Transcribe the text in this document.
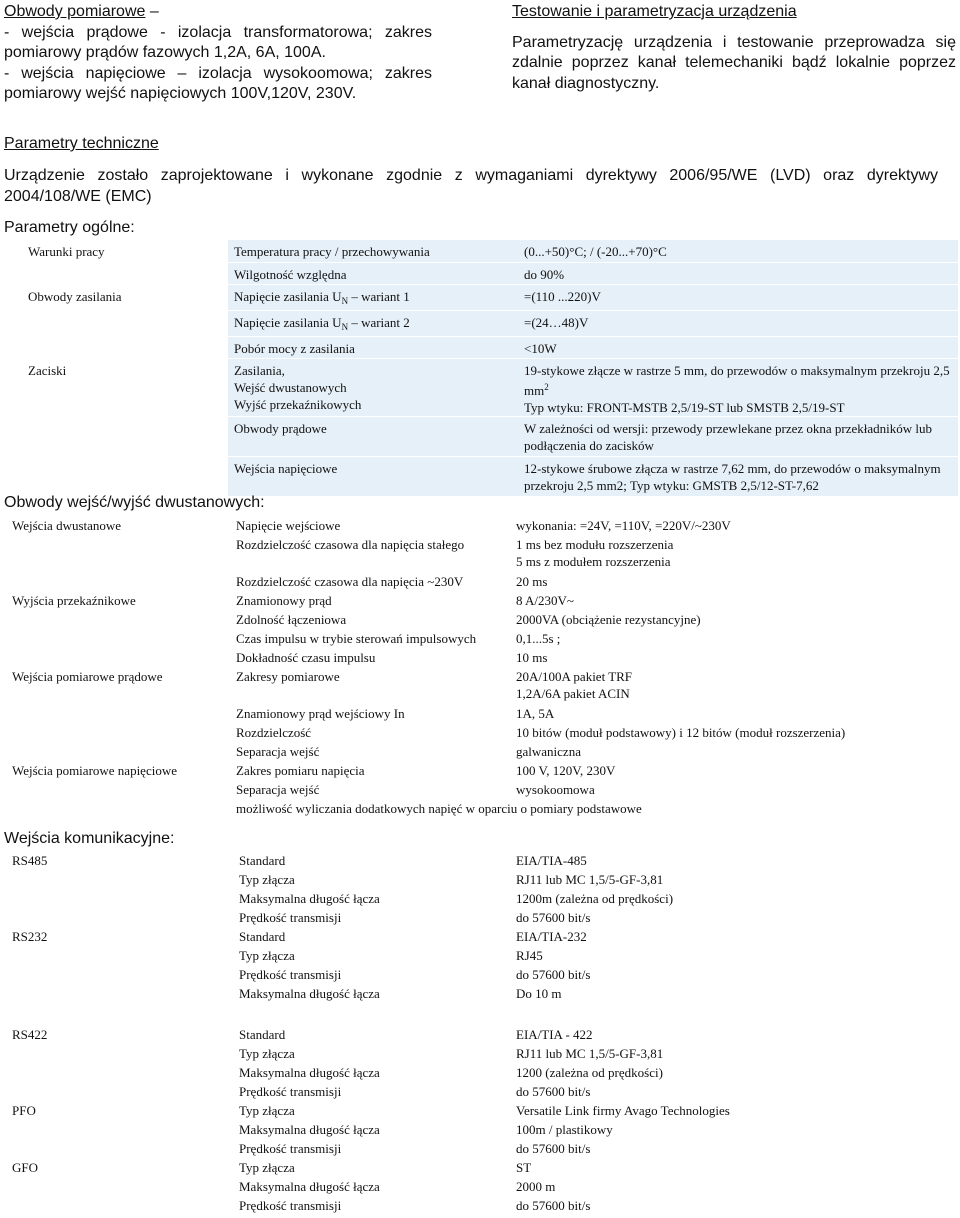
Obwody pomiarowe –

- wejścia prądowe - izolacja transformatorowa; zakres pomiarowy prądów fazowych 1,2A, 6A, 100A.

- wejścia napięciowe – izolacja wysokoomowa; zakres pomiarowy wejść napięciowych 100V,120V, 230V.

Testowanie i parametryzacja urządzenia

Parametryzację urządzenia i testowanie przeprowadza się zdalnie poprzez kanał telemechaniki bądź lokalnie poprzez kanał diagnostyczny.

Parametry techniczne
Urządzenie zostało zaprojektowane i wykonane zgodnie z wymaganiami dyrektywy 2006/95/WE (LVD) oraz dyrektywy 2004/108/WE (EMC)
Parametry ogólne:
Warunki pracy	Temperatura pracy / przechowywania	(0...+50)°C; / (-20...+70)°C
	Wilgotność względna	do 90%
Obwody zasilania	Napięcie zasilania $U_N$ – wariant 1	=(110 ...220)V
	Napięcie zasilania $U_N$ – wariant 2	=(24…48)V
	Pobór mocy z zasilania	<10W
Zaciski	Zasilania,
Wejść dwustanowych
Wyjść przekaźnikowych	19-stykowe złącze w rastrze 5 mm, do przewodów o maksymalnym przekroju 2,5 $mm^2$
Typ wtyku: FRONT-MSTB 2,5/19-ST lub SMSTB 2,5/19-ST
	Obwody prądowe	W zależności od wersji: przewody przewlekane przez okna przekładników lub podłączenia do zacisków
	Wejścia napięciowe	12-stykowe śrubowe złącza w rastrze 7,62 mm, do przewodów o maksymalnym przekroju 2,5 mm2; Typ wtyku: GMSTB 2,5/12-ST-7,62
Obwody wejść/wyjść dwustanowych:
Wejścia dwustanowe	Napięcie wejściowe	wykonania: =24V, =110V, =220V/~230V
	Rozdzielczość czasowa dla napięcia stałego	1 ms bez modułu rozszerzenia
5 ms z modułem rozszerzenia
	Rozdzielczość czasowa dla napięcia ~230V	20 ms
Wyjścia przekaźnikowe	Znamionowy prąd	8 A/230V~
	Zdolność łączeniowa	2000VA (obciążenie rezystancyjne)
	Czas impulsu w trybie sterowań impulsowych	0,1...5s ;
	Dokładność czasu impulsu	10 ms
Wejścia pomiarowe prądowe	Zakresy pomiarowe	20A/100A pakiet TRF
1,2A/6A pakiet ACIN
	Znamionowy prąd wejściowy In	1A, 5A
	Rozdzielczość	10 bitów (moduł podstawowy) i 12 bitów (moduł rozszerzenia)
	Separacja wejść	galwaniczna
Wejścia pomiarowe napięciowe	Zakres pomiaru napięcia	100 V, 120V, 230V
	Separacja wejść	wysokoomowa
	możliwość wyliczania dodatkowych napięć w oparciu o pomiary podstawowe	
Wejścia komunikacyjne:
RS485	Standard	EIA/TIA-485
	Typ złącza	RJ11 lub MC 1,5/5-GF-3,81
	Maksymalna długość łącza	1200m (zależna od prędkości)
	Prędkość transmisji	do 57600 bit/s
RS232	Standard	EIA/TIA-232
	Typ złącza	RJ45
	Prędkość transmisji	do 57600 bit/s
	Maksymalna długość łącza	Do 10 m
RS422	Standard	EIA/TIA - 422
	Typ złącza	RJ11 lub MC 1,5/5-GF-3,81
	Maksymalna długość łącza	1200 (zależna od prędkości)
	Prędkość transmisji	do 57600 bit/s
PFO	Typ złącza	Versatile Link firmy Avago Technologies
	Maksymalna długość łącza	100m / plastikowy
	Prędkość transmisji	do 57600 bit/s
GFO	Typ złącza	ST
	Maksymalna długość łącza	2000 m
	Prędkość transmisji	do 57600 bit/s
